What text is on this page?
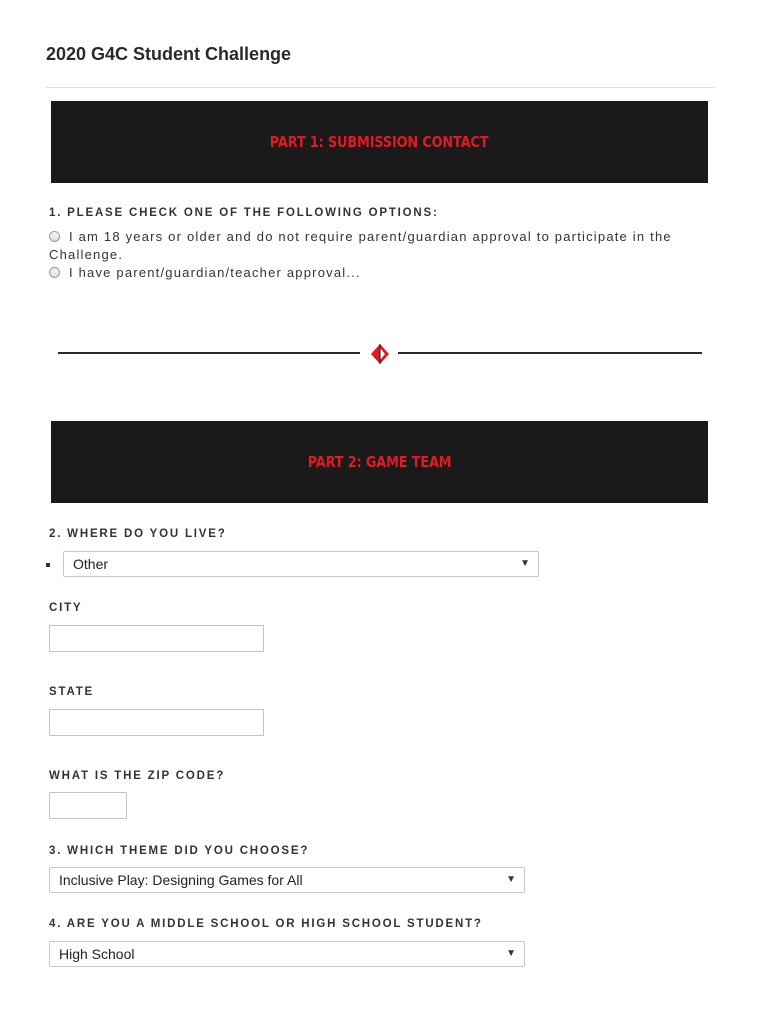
2020 G4C Student Challenge
PART 1: SUBMISSION CONTACT

1. PLEASE CHECK ONE OF THE FOLLOWING OPTIONS:

I am 18 years or older and do not require parent/guardian approval to participate in the Challenge.
I have parent/guardian/teacher approval...
PART 2: GAME TEAM

2. WHERE DO YOU LIVE?

Other	▼

CITY

STATE

WHAT IS THE ZIP CODE?

3. WHICH THEME DID YOU CHOOSE?

Inclusive Play: Designing Games for All	▼

4. ARE YOU A MIDDLE SCHOOL OR HIGH SCHOOL STUDENT?

High School	▼
